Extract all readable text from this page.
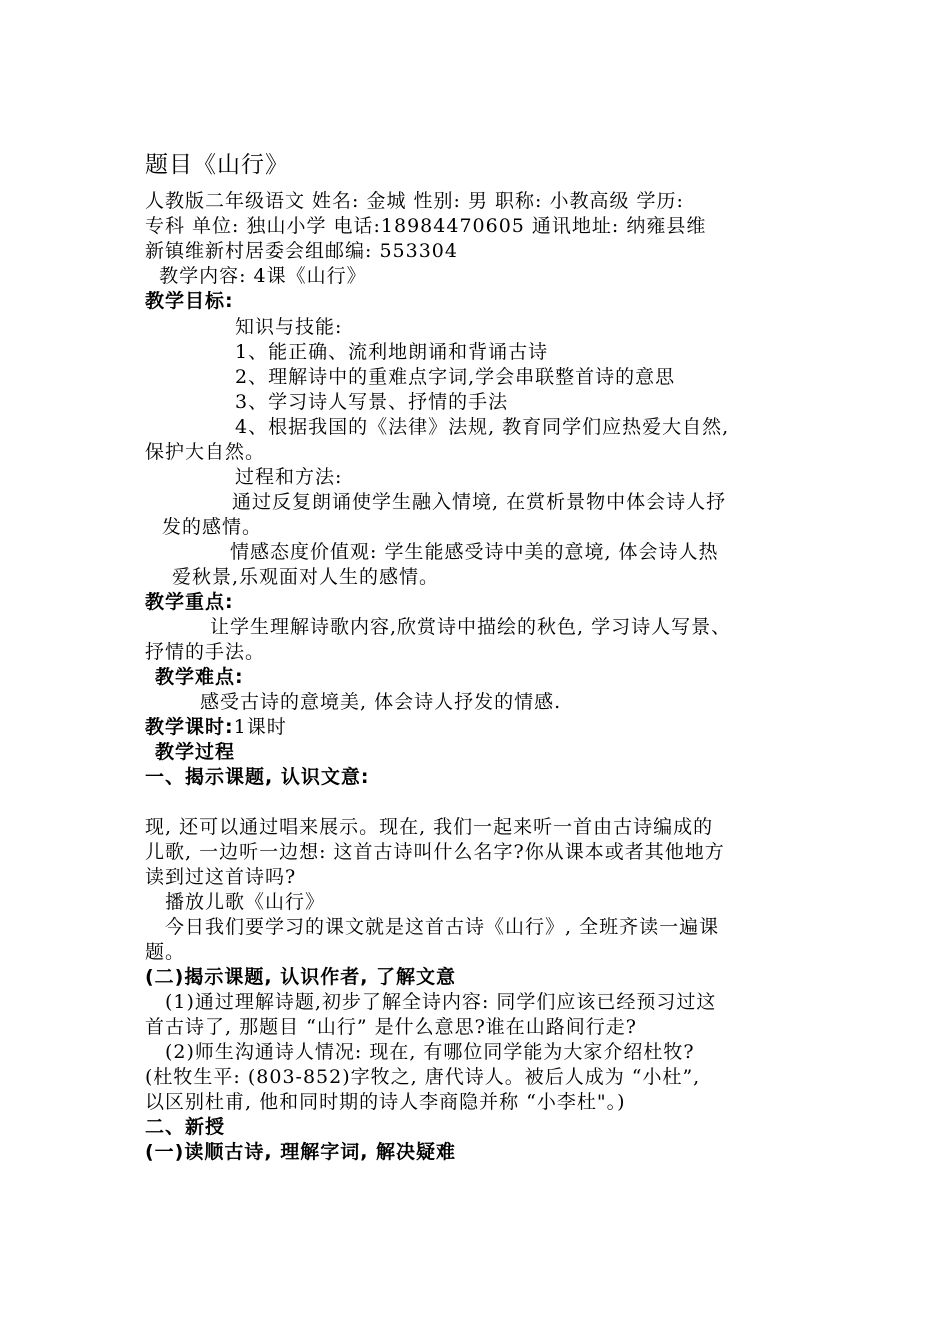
题目《山行》
人教版二年级语文 姓名: 金城 性别: 男 职称: 小教高级 学历:
专科 单位: 独山小学 电话:18984470605 通讯地址: 纳雍县维
新镇维新村居委会组邮编: 553304
教学内容: 4课《山行》
教学目标:
知识与技能:
1、能正确、流利地朗诵和背诵古诗
2、理解诗中的重难点字词,学会串联整首诗的意思
3、学习诗人写景、抒情的手法
4、根据我国的《法律》法规, 教育同学们应热爱大自然,
保护大自然。
过程和方法:
通过反复朗诵使学生融入情境, 在赏析景物中体会诗人抒
发的感情。
情感态度价值观: 学生能感受诗中美的意境, 体会诗人热
爱秋景,乐观面对人生的感情。
教学重点:
让学生理解诗歌内容,欣赏诗中描绘的秋色, 学习诗人写景、
抒情的手法。
教学难点:
感受古诗的意境美, 体会诗人抒发的情感.
教学课时:1课时
教学过程
一、揭示课题, 认识文意:

现, 还可以通过唱来展示。现在, 我们一起来听一首由古诗编成的
儿歌, 一边听一边想: 这首古诗叫什么名字?你从课本或者其他地方
读到过这首诗吗?
播放儿歌《山行》
今日我们要学习的课文就是这首古诗《山行》, 全班齐读一遍课
题。
(二)揭示课题, 认识作者, 了解文意
(1)通过理解诗题,初步了解全诗内容: 同学们应该已经预习过这
首古诗了, 那题目 “山行” 是什么意思?谁在山路间行走?
(2)师生沟通诗人情况: 现在, 有哪位同学能为大家介绍杜牧?
(杜牧生平: (803-852)字牧之, 唐代诗人。被后人成为 “小杜”,
以区别杜甫, 他和同时期的诗人李商隐并称 “小李杜"。)
二、新授
(一)读顺古诗, 理解字词, 解决疑难
